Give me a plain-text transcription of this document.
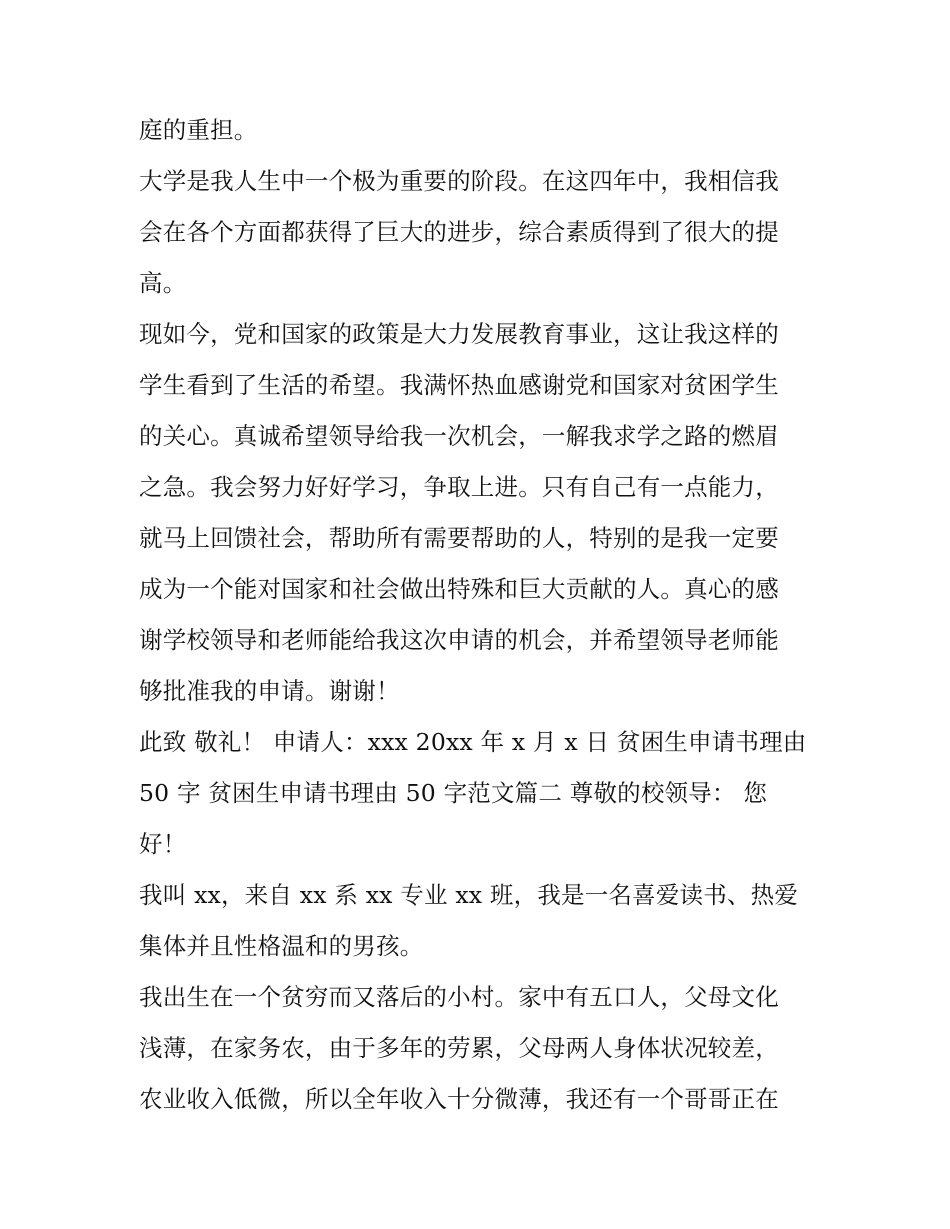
庭的重担。
大学是我人生中一个极为重要的阶段。在这四年中，我相信我
会在各个方面都获得了巨大的进步，综合素质得到了很大的提
高。
现如今，党和国家的政策是大力发展教育事业，这让我这样的
学生看到了生活的希望。我满怀热血感谢党和国家对贫困学生
的关心。真诚希望领导给我一次机会，一解我求学之路的燃眉
之急。我会努力好好学习，争取上进。只有自己有一点能力，
就马上回馈社会，帮助所有需要帮助的人，特别的是我一定要
成为一个能对国家和社会做出特殊和巨大贡献的人。真心的感
谢学校领导和老师能给我这次申请的机会，并希望领导老师能
够批准我的申请。谢谢！
此致 敬礼！ 申请人：xxx 20xx 年 x 月 x 日 贫困生申请书理由
50 字 贫困生申请书理由 50 字范文篇二 尊敬的校领导： 您
好！
我叫 xx，来自 xx 系 xx 专业 xx 班，我是一名喜爱读书、热爱
集体并且性格温和的男孩。
我出生在一个贫穷而又落后的小村。家中有五口人，父母文化
浅薄，在家务农，由于多年的劳累，父母两人身体状况较差，
农业收入低微，所以全年收入十分微薄，我还有一个哥哥正在
